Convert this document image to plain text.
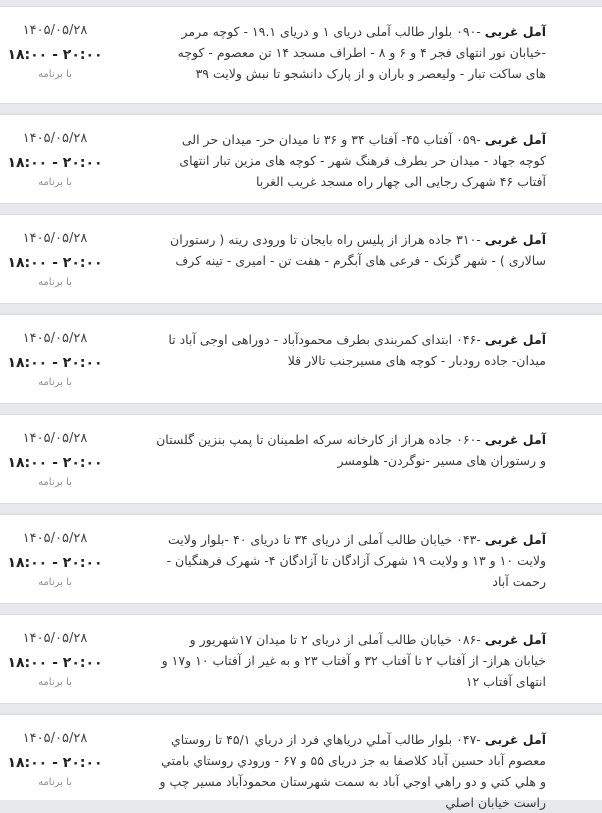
آمل غربی -۰۹۰ بلوار طالب آملی دریای ۱ و دریای ۱۹.۱ - کوچه مرمر -خیابان نور انتهای فجر ۴ و ۶ و ۸ - اطراف مسجد ۱۴ تن معصوم - کوچه های ساکت تبار - ولیعصر و باران و از پارک دانشجو تا نبش ولایت ۳۹
۱۴۰۵/۰۵/۲۸
۱۸:۰۰ - ۲۰:۰۰
با برنامه
آمل غربی -۰۵۹ آفتاب ۴۵- آفتاب ۳۴ و ۳۶ تا میدان حر- میدان حر الی کوچه جهاد - میدان حر بطرف فرهنگ شهر - کوچه های مزین تبار انتهای آفتاب ۴۶ شهرک رجایی الی چهار راه مسجد غریب الغربا
۱۴۰۵/۰۵/۲۸
۱۸:۰۰ - ۲۰:۰۰
با برنامه
آمل غربی -۳۱۰ جاده هراز از پلیس راه بایجان تا ورودی رینه ( رستوران سالاری ) - شهر گزنک - فرعی های آبگرم - هفت تن - امیری - تینه کرف
۱۴۰۵/۰۵/۲۸
۱۸:۰۰ - ۲۰:۰۰
با برنامه
آمل غربی -۰۴۶ ابتدای کمربندی بطرف محمودآباد - دوراهی اوجی آباد تا میدان- جاده رودبار - کوچه های مسیرجنب تالار قلا
۱۴۰۵/۰۵/۲۸
۱۸:۰۰ - ۲۰:۰۰
با برنامه
آمل غربی -۰۶۰ جاده هراز از کارخانه سرکه اطمینان تا پمپ بنزین گلستان و رستوران های مسیر -نوگردن- هلومسر
۱۴۰۵/۰۵/۲۸
۱۸:۰۰ - ۲۰:۰۰
با برنامه
آمل غربی -۰۴۳ خیابان طالب آملی از دریای ۳۴ تا دریای ۴۰ -بلوار ولایت ولایت ۱۰ و ۱۳ و ولایت ۱۹ شهرک آزادگان تا آزادگان ۴- شهرک فرهنگیان - رحمت آباد
۱۴۰۵/۰۵/۲۸
۱۸:۰۰ - ۲۰:۰۰
با برنامه
آمل غربی -۰۸۶ خیابان طالب آملی از دریای ۲ تا میدان ۱۷شهریور و خیابان هراز- از آفتاب ۲ تا آفتاب ۳۲ و آفتاب ۲۳ و به غیر از آفتاب ۱۰ و۱۷ و انتهای آفتاب ۱۲
۱۴۰۵/۰۵/۲۸
۱۸:۰۰ - ۲۰:۰۰
با برنامه
آمل غربی -۰۴۷ بلوار طالب آملي درياهاي فرد از درياي ۴۵/۱ تا روستاي معصوم آباد حسین آباد کلاصفا به جز دریای ۵۵ و ۶۷ - ورودي روستاي بامتي و هلي کتي و دو راهي اوجي آباد به سمت شهرستان محمودآباد مسیر چپ و راست خیابان اصلي
۱۴۰۵/۰۵/۲۸
۱۸:۰۰ - ۲۰:۰۰
با برنامه
